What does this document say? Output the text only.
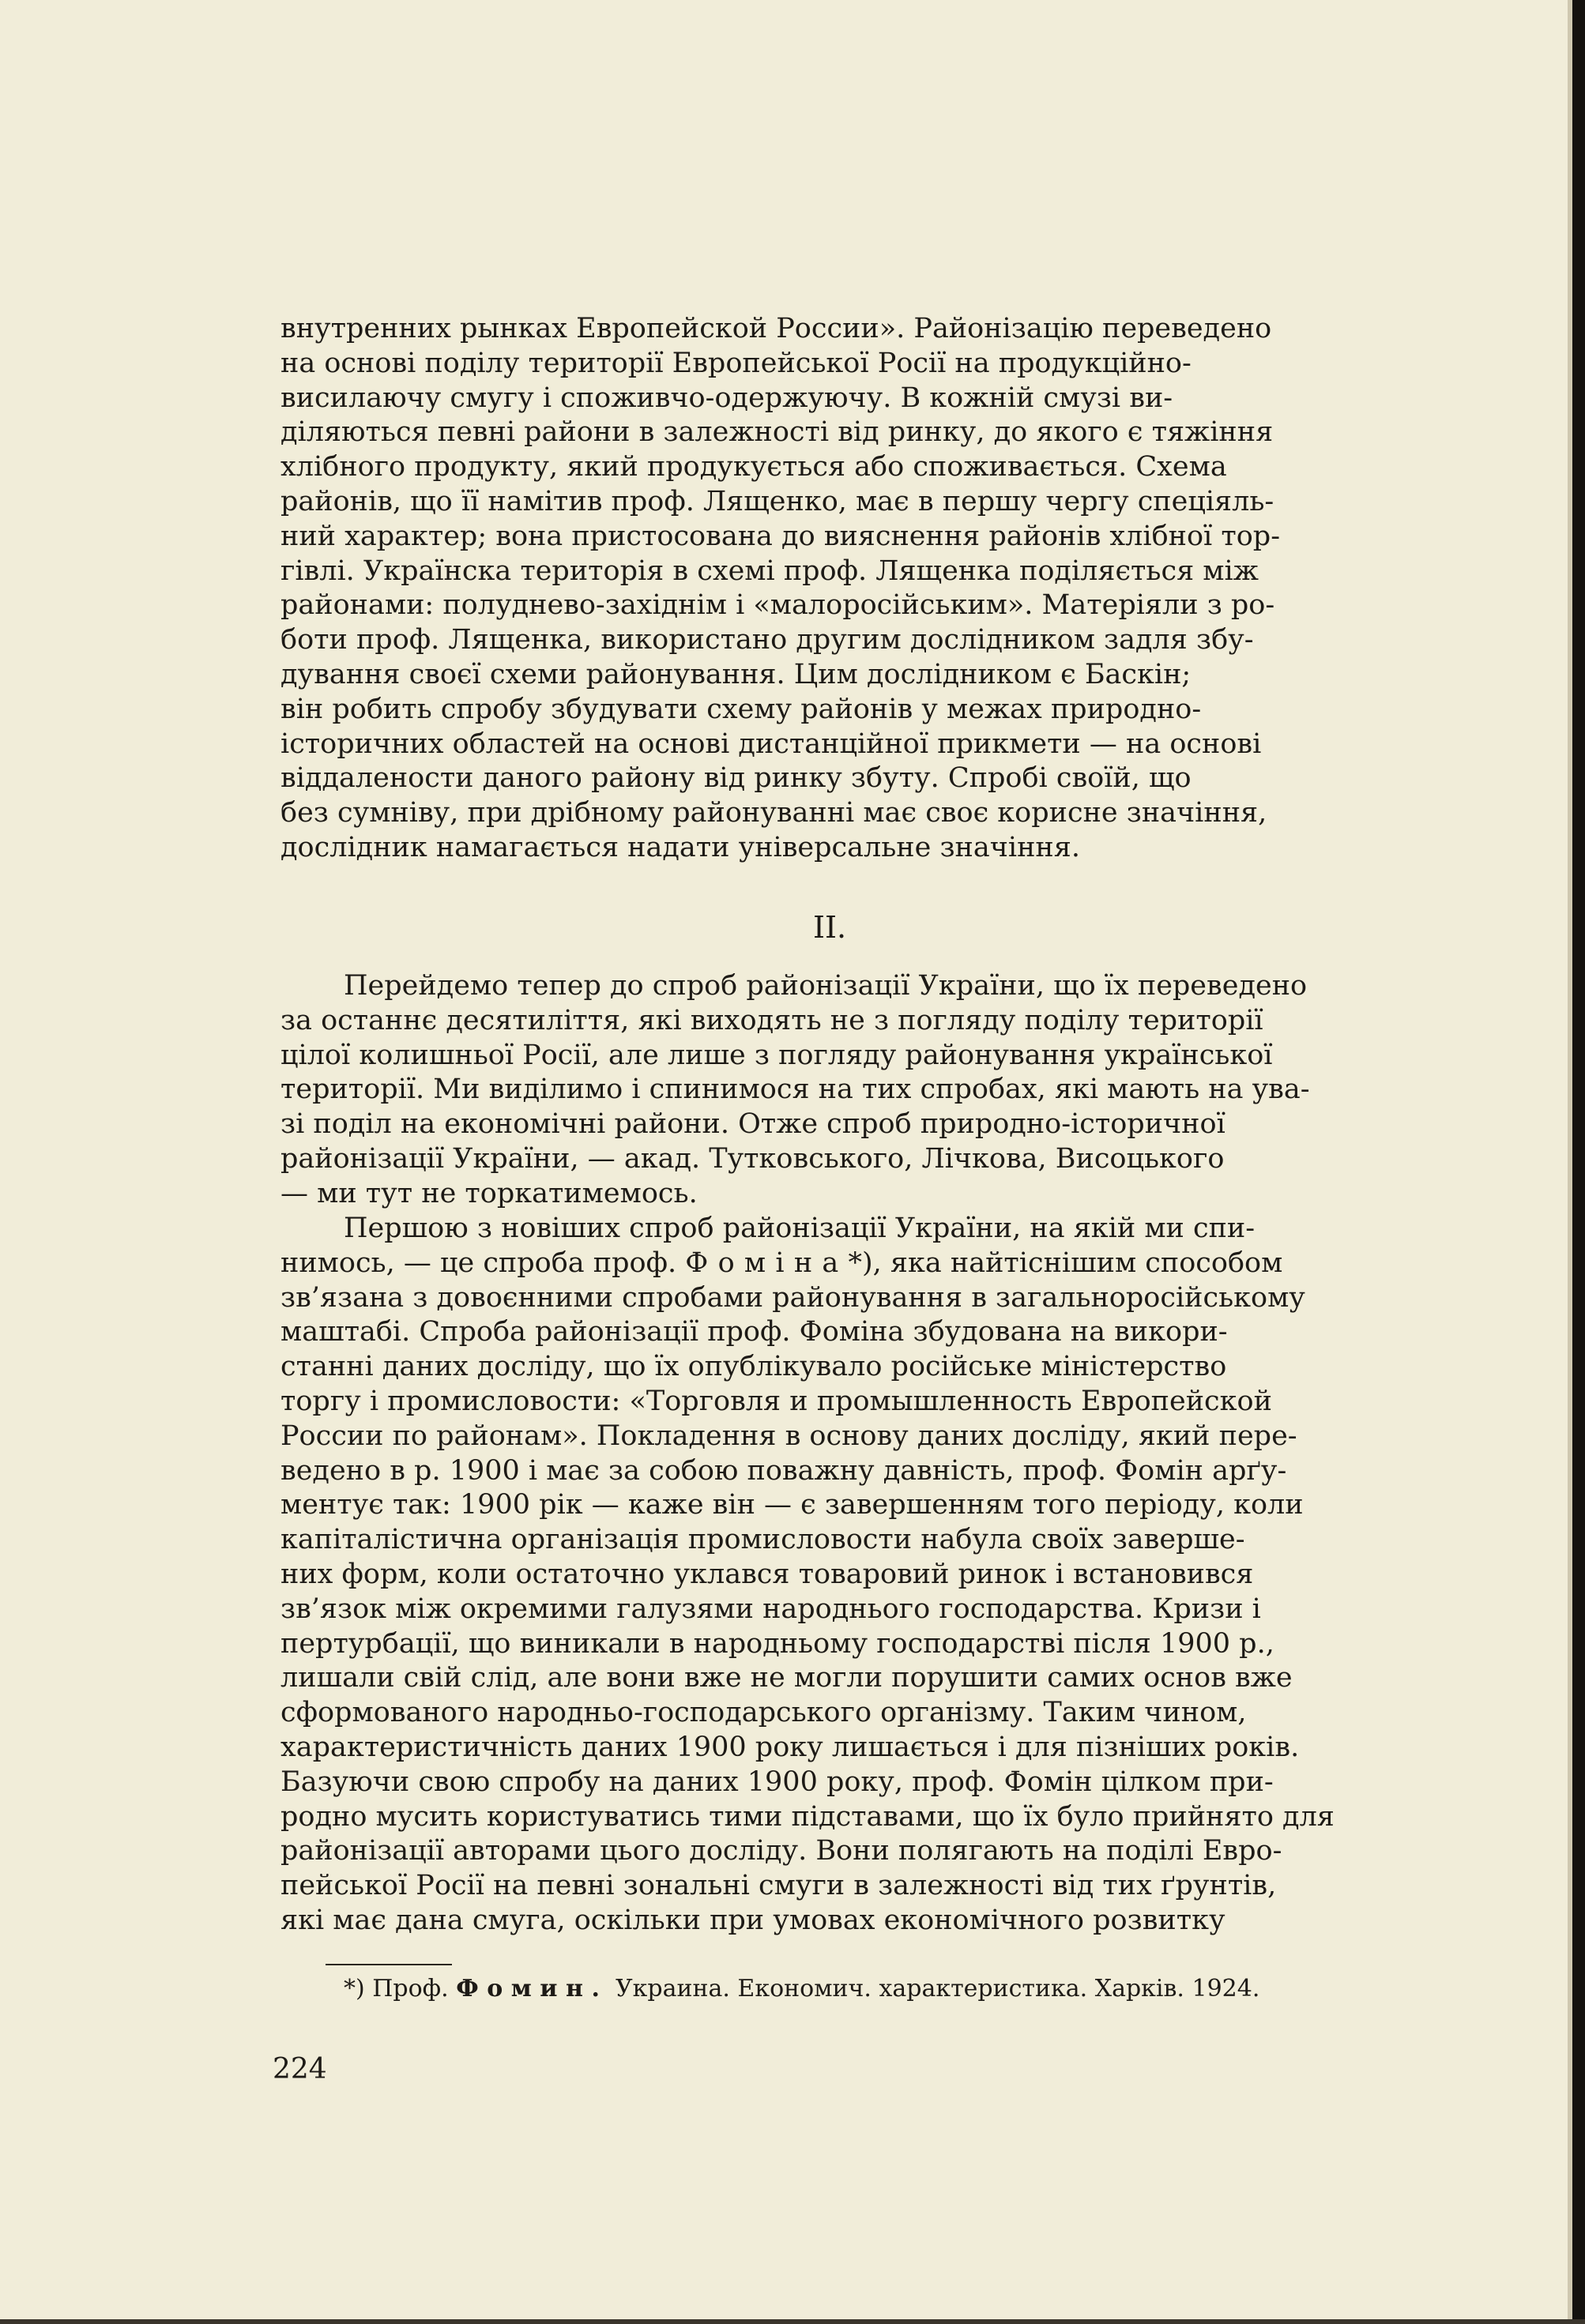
внутренних рынках Европейской России». Районізацію переведено
на основі поділу території Европейської Росії на продукційно-
висилаючу смугу і споживчо-одержуючу. В кожній смузі ви-
діляються певні райони в залежності від ринку, до якого є тяжіння
хлібного продукту, який продукується або споживається. Схема
районів, що її намітив проф. Лященко, має в першу чергу спеціяль-
ний характер; вона пристосована до вияснення районів хлібної тор-
гівлі. Українска територія в схемі проф. Лященка поділяється між
районами: полудневo-західнім і «малоросійським». Матеріяли з ро-
боти проф. Лященка, використано другим дослідником задля збу-
дування своєї схеми районування. Цим дослідником є Баскін;
він робить спробу збудувати схему районів у межах природно-
історичних областей на основі дистанційної прикмети — на основі
віддалености даного району від ринку збуту. Спробі своїй, що
без сумніву, при дрібному районуванні має своє корисне значіння,
дослідник намагається надати універсальне значіння.

II.

Перейдемо тепер до спроб районізації України, що їх переведено
за останнє десятиліття, які виходять не з погляду поділу території
цілої колишньої Росії, але лише з погляду районування української
території. Ми виділимо і спинимося на тих спробах, які мають на ува-
зі поділ на економічні райони. Отже спроб природно-історичної
районізації України, — акад. Тутковського, Лічкова, Висоцького
— ми тут не торкатимемось.

Першою з новіших спроб районізації України, на якій ми спи-
нимось, — це спроба проф. Фоміна*), яка найтіснішим способом
зв’язана з довоєнними спробами районування в загальноросійському
маштабі. Спроба районізації проф. Фоміна збудована на викори-
станні даних досліду, що їх опублікувало російське міністерство
торгу і промисловости: «Торговля и промышленность Европейской
России по районам». Покладення в основу даних досліду, який пере-
ведено в р. 1900 і має за собою поважну давність, проф. Фомін арґу-
ментує так: 1900 рік — каже він — є завершенням того періоду, коли
капіталістична організація промисловости набула своїх заверше-
них форм, коли остаточно уклався товаровий ринок і встановився
зв’язок між окремими галузями народнього господарства. Кризи і
пертурбації, що виникали в народньому господарстві після 1900 р.,
лишали свій слід, але вони вже не могли порушити самих основ вже
сформованого народньо-господарського організму. Таким чином,
характеристичність даних 1900 року лишається і для пізніших років.
Базуючи свою спробу на даних 1900 року, проф. Фомін цілком при-
родно мусить користуватись тими підставами, що їх було прийнято для
районізації авторами цього досліду. Вони полягають на поділі Евро-
пейської Росії на певні зональні смуги в залежності від тих ґрунтів,
які має дана смуга, оскільки при умовах економічного розвитку

*) Проф. Фомин. Украина. Економич. характеристика. Харків. 1924.
224
